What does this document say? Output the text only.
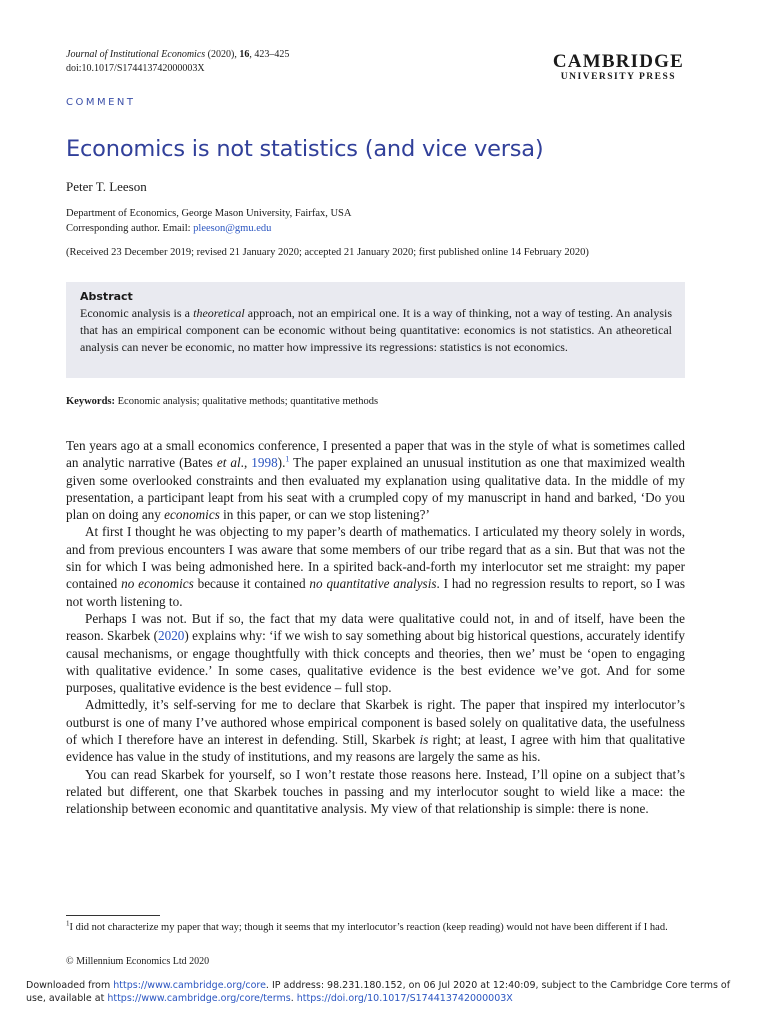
Journal of Institutional Economics (2020), 16, 423–425
doi:10.1017/S174413742000003X	CAMBRIDGE
UNIVERSITY PRESS
COMMENT
Economics is not statistics (and vice versa)
Peter T. Leeson
Department of Economics, George Mason University, Fairfax, USA
Corresponding author. Email: pleeson@gmu.edu
(Received 23 December 2019; revised 21 January 2020; accepted 21 January 2020; first published online 14 February 2020)
Abstract
Economic analysis is a theoretical approach, not an empirical one. It is a way of thinking, not a way of testing. An analysis that has an empirical component can be economic without being quantitative: economics is not statistics. An atheoretical analysis can never be economic, no matter how impressive its regressions: statistics is not economics.
Keywords: Economic analysis; qualitative methods; quantitative methods

Ten years ago at a small economics conference, I presented a paper that was in the style of what is sometimes called an analytic narrative (Bates et al., 1998).$^1$ The paper explained an unusual institution as one that maximized wealth given some overlooked constraints and then evaluated my explanation using qualitative data. In the middle of my presentation, a participant leapt from his seat with a crumpled copy of my manuscript in hand and barked, ‘Do you plan on doing any economics in this paper, or can we stop listening?’

At first I thought he was objecting to my paper’s dearth of mathematics. I articulated my theory solely in words, and from previous encounters I was aware that some members of our tribe regard that as a sin. But that was not the sin for which I was being admonished here. In a spirited back-and-forth my interlocutor set me straight: my paper contained no economics because it contained no quantitative analysis. I had no regression results to report, so I was not worth listening to.

Perhaps I was not. But if so, the fact that my data were qualitative could not, in and of itself, have been the reason. Skarbek (2020) explains why: ‘if we wish to say something about big historical questions, accurately identify causal mechanisms, or engage thoughtfully with thick concepts and theories, then we’ must be ‘open to engaging with qualitative evidence.’ In some cases, qualitative evidence is the best evidence we’ve got. And for some purposes, qualitative evidence is the best evidence – full stop.

Admittedly, it’s self-serving for me to declare that Skarbek is right. The paper that inspired my interlocutor’s outburst is one of many I’ve authored whose empirical component is based solely on qualitative data, the usefulness of which I therefore have an interest in defending. Still, Skarbek is right; at least, I agree with him that qualitative evidence has value in the study of institutions, and my reasons are largely the same as his.

You can read Skarbek for yourself, so I won’t restate those reasons here. Instead, I’ll opine on a subject that’s related but different, one that Skarbek touches in passing and my interlocutor sought to wield like a mace: the relationship between economic and quantitative analysis. My view of that relationship is simple: there is none.

$^1$I did not characterize my paper that way; though it seems that my interlocutor’s reaction (keep reading) would not have been different if I had.
© Millennium Economics Ltd 2020
Downloaded from https://www.cambridge.org/core. IP address: 98.231.180.152, on 06 Jul 2020 at 12:40:09, subject to the Cambridge Core terms of use, available at https://www.cambridge.org/core/terms. https://doi.org/10.1017/S174413742000003X
